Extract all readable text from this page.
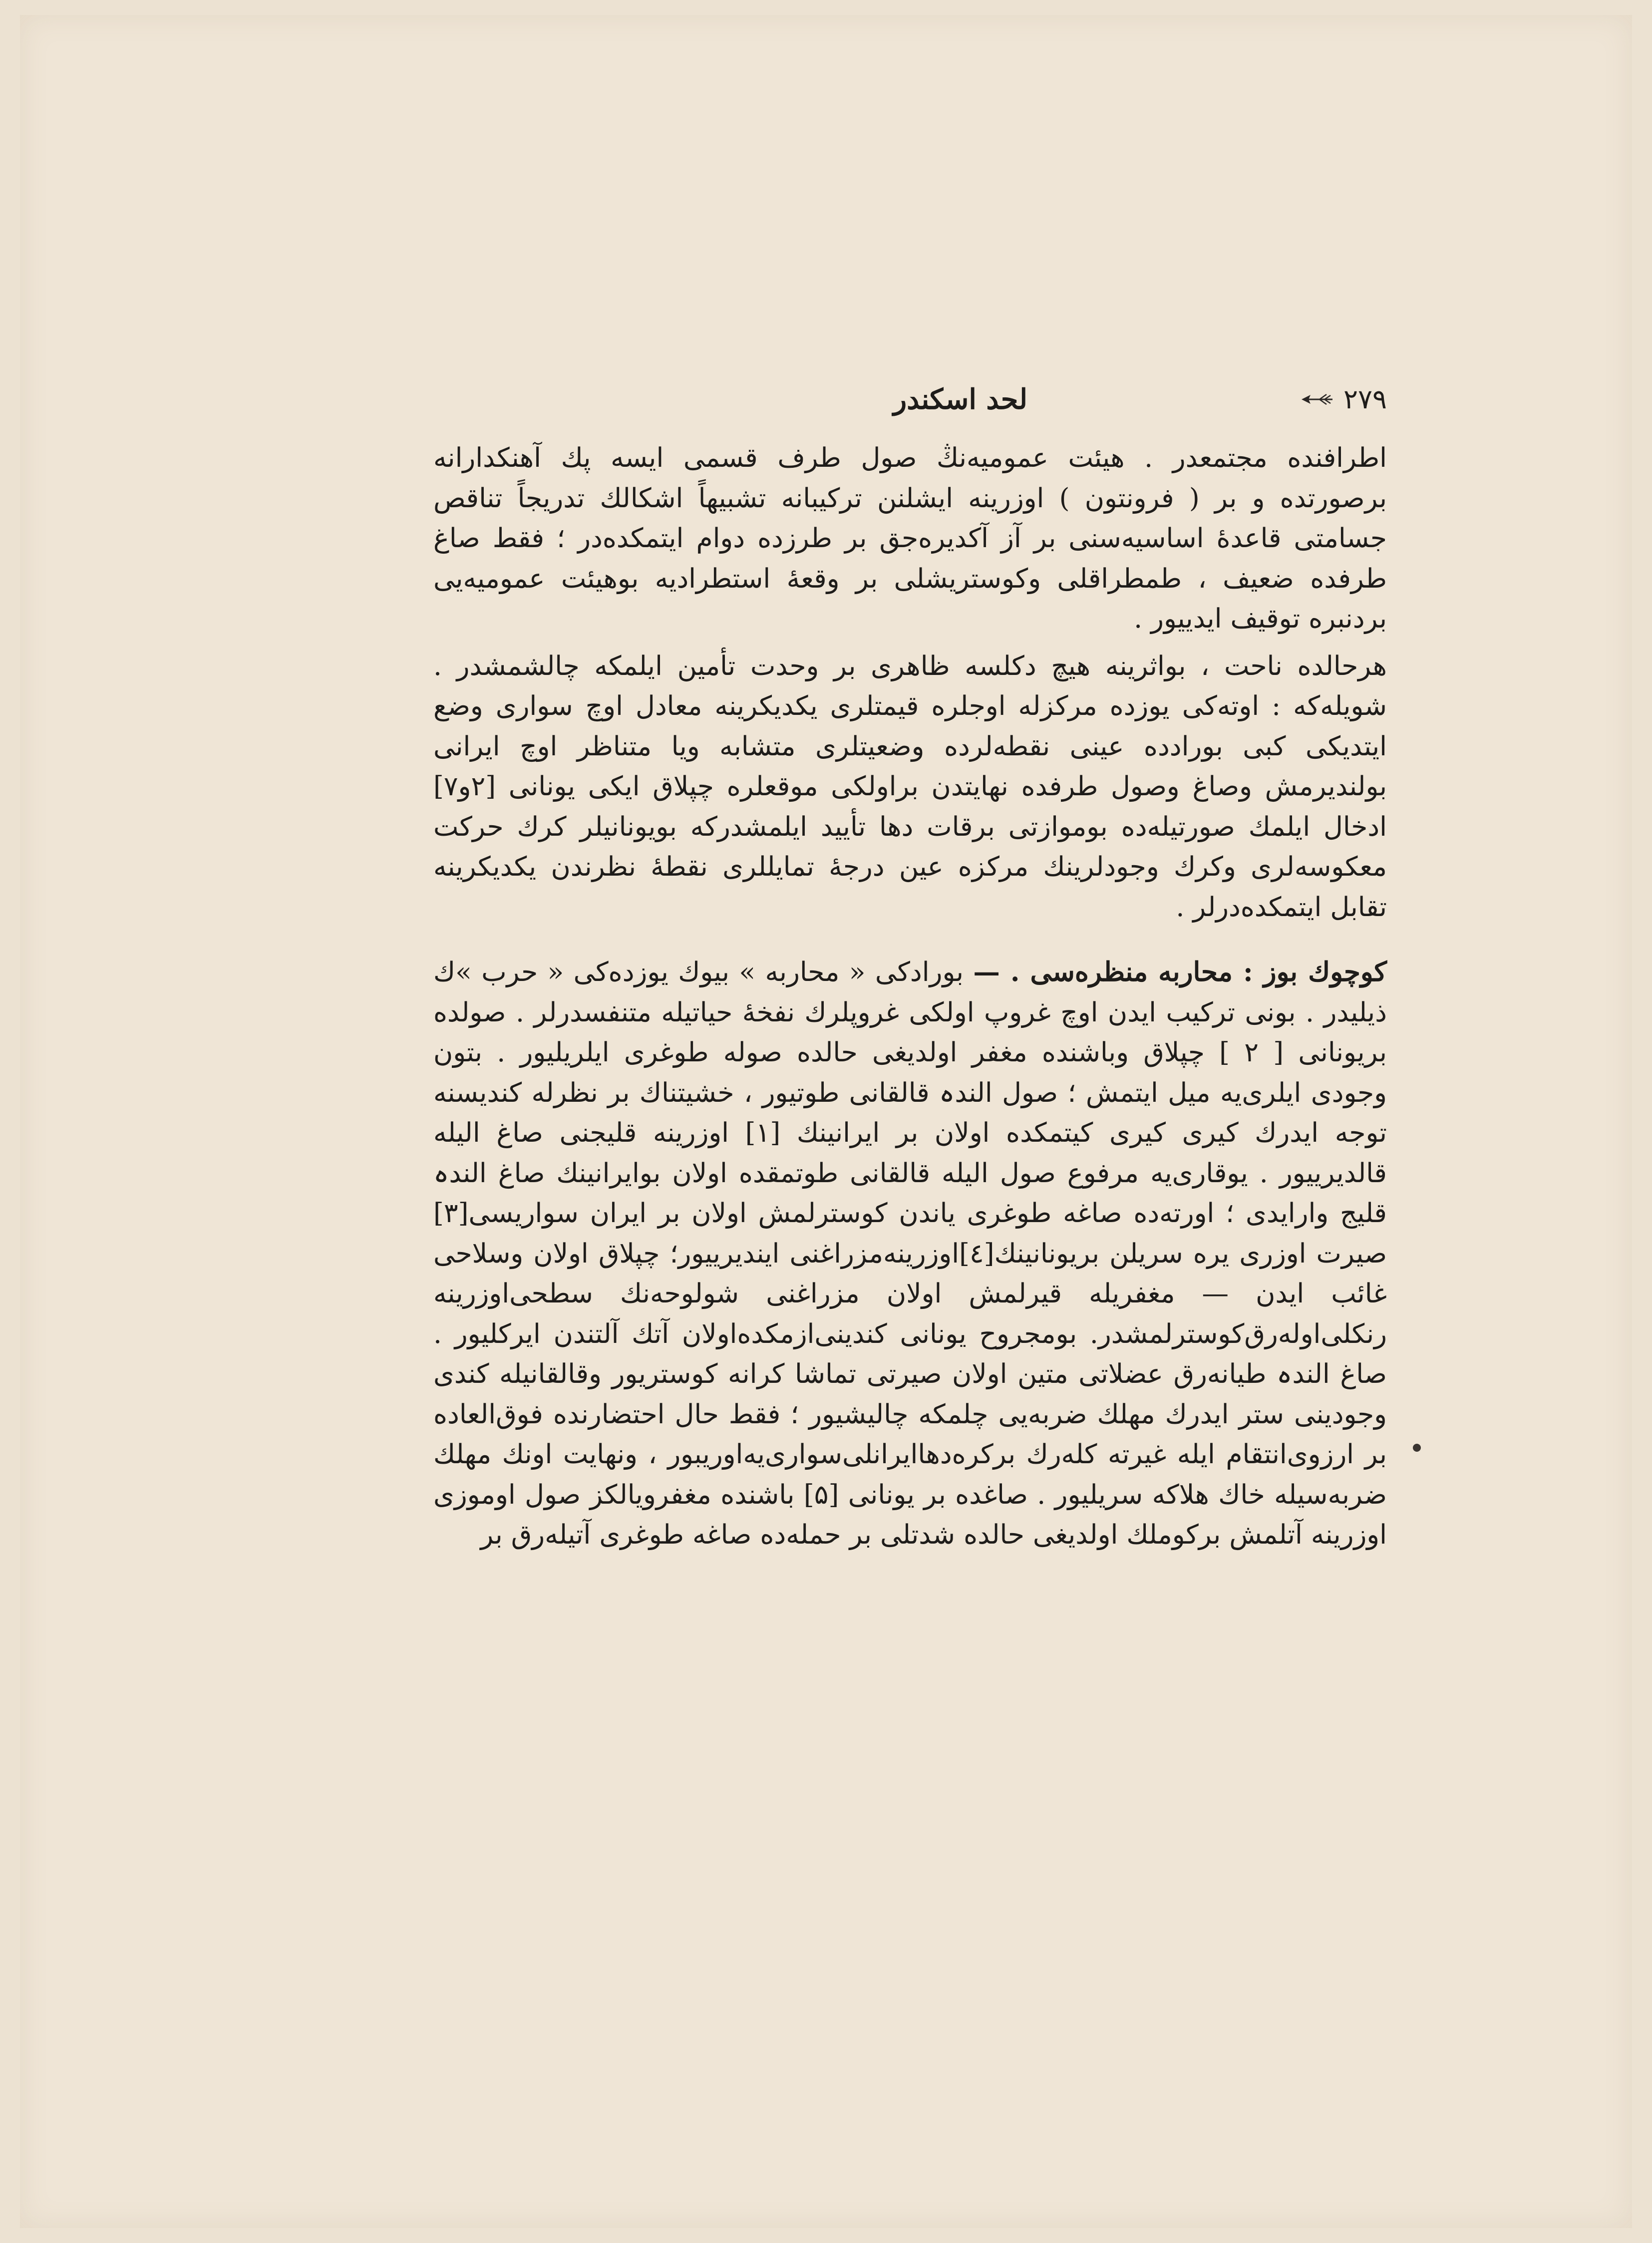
لحد اسکندر	۲۷۹

اطرافنده مجتمعدر . هیئت عمومیه‌نڭ صول طرف قسمی ایسه پك آهنكدارانه برصورتده و بر ( فرونتون ) اوزرینه ایشلنن ترکیبانه تشبیهاً اشکالك تدریجاً تناقص جسامتی قاعدهٔ اساسیه‌سنی بر آز آکدیره‌جق بر طرزده دوام ایتمکده‌در ؛ فقط صاغ طرفده ضعیف ، طمطراقلی وکوستریشلی بر وقعهٔ استطرادیه بوهیئت عمومیه‌یی بردنبره توقیف ایدییور .

هرحالده ناحت ، بوا‌ثرینه هیچ دکلسه ظاهری بر وحدت تأمین ایلمکه چالشمشدر . شویله‌که : اوته‌کی یوزده مرکزله اوجلره قیمتلری یکدیکرینه معادل اوچ سواری وضع ایتدیکی کبی بورادده عینی نقطه‌لرده وضعیتلری متشابه ویا متناظر اوچ ایرانی بولندیرمش وصاغ وصول طرفده نهایتدن براولکی موقعلره چپلاق ایکی یونانی [۲و۷] ادخال ایلمك صورتیله‌ده بوموازتی برقات دها تأیید ایلمشدرکه بویونانیلر کرك حرکت معکوسه‌لری وکرك وجودلرینك مرکزه عین درجهٔ تمایللری نقطهٔ نظرندن یکدیکرینه تقابل ایتمکده‌درلر .

کوچوك بوز : محاربه منظره‌سی . — بورادکی « محاربه » بیوك یوزده‌کی « حرب »ك ذیلیدر . بونی ترکیب ایدن اوچ غروپ اولکی غروپلرك نفخهٔ حیاتیله متنفسدرلر . صولده بریونانی [ ۲ ] چپلاق وباشنده مغفر اولدیغی حالده صوله طوغری ایلریلیور . بتون وجودی ایلری‌یه میل ایتمش ؛ صول الندہ قالقانی طوتیور ، خشیتناك بر نظرله کندیسنه توجه ایدرك کیری کیری کیتمکده اولان بر ایرانینك [۱] اوزرینه قلیجنی صاغ الیله قالدیرییور . یوقاری‌یه مرفوع صول الیله قالقانی طوتمقده اولان بوایرانینك صاغ الندہ قلیج وارایدی ؛ اورته‌ده صاغه طوغری یاندن کوسترلمش اولان بر ایران سواریسی[۳] صیرت اوزری یره سریلن بریونانینك[٤]اوزرینه‌مزراغنی ایندیرییور؛ چپلاق اولان وسلاحی غائب ایدن — مغفریله قیرلمش اولان مزراغنی شولوحه‌نك سطحی‌اوزرینه رنکلی‌اوله‌رق‌کوسترلمشدر. بومجروح یونانی کندینی‌ازمکده‌اولان آتك آلتندن ایرکلیور . صاغ الندہ طیانه‌رق عضلاتی متین اولان صیرتی تماشا کرانه کوستریور وقالقانیله کندی وجودینی ستر ایدرك مهلك ضربه‌یی چلمکه چالیشیور ؛ فقط حال احتضارنده فوق‌العاده بر ارزوی‌انتقام ایله غیرته کله‌رك برکره‌دها‌ایرانلی‌سواری‌یه‌اوریبور ، ونهایت اونك مهلك ضربه‌سیله خاك هلاکه سریلیور . صاغده بر یونانی [۵] باشنده مغفرویالکز صول اوموزی اوزرینه آتلمش برکوملك اولدیغی حالده شدتلی بر حمله‌ده صاغه طوغری آتیله‌رق بر
